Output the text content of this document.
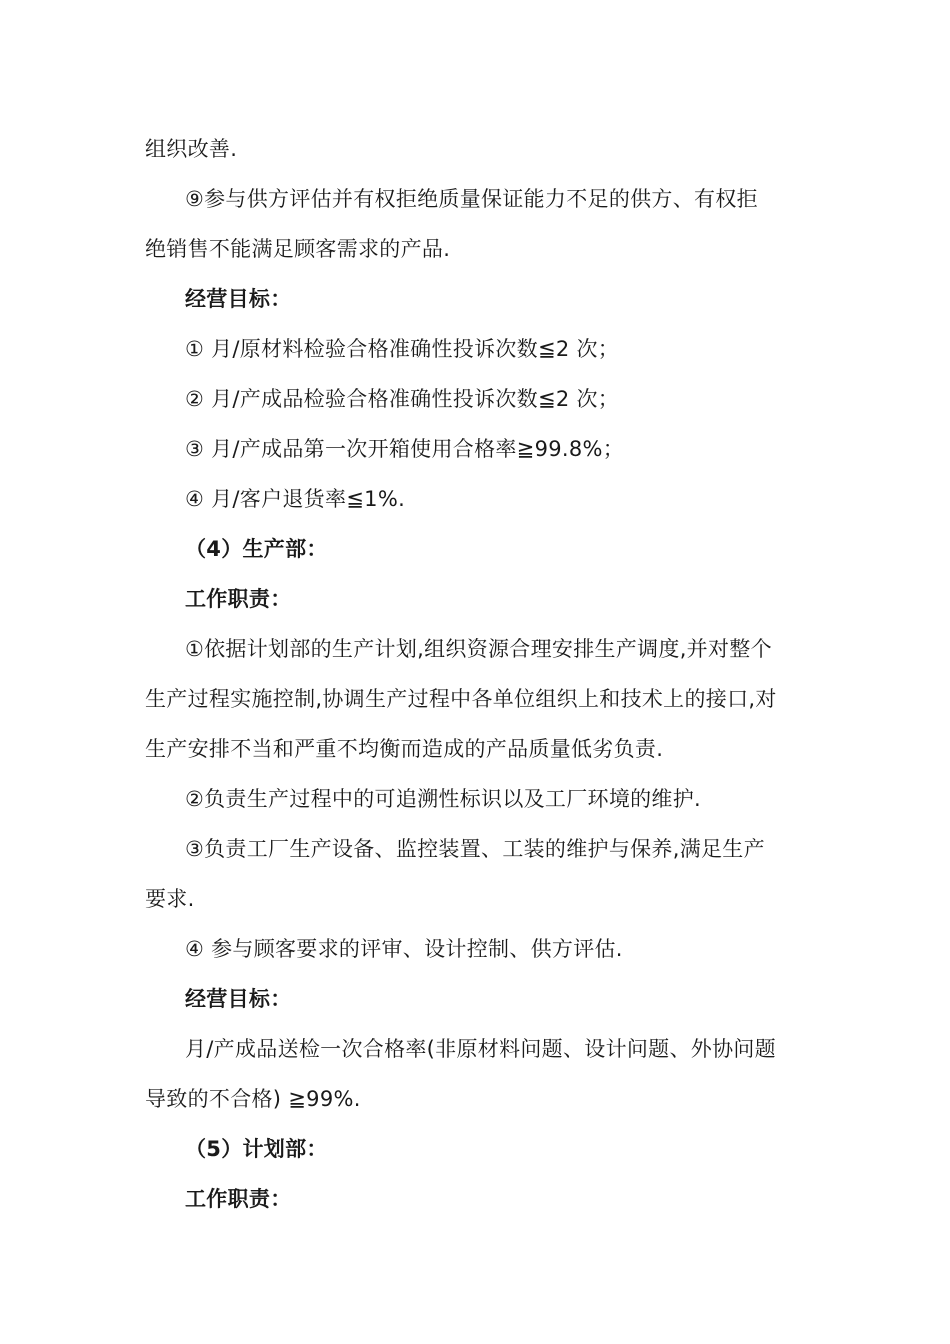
组织改善.
⑨参与供方评估并有权拒绝质量保证能力不足的供方、有权拒
绝销售不能满足顾客需求的产品.
经营目标：
① 月/原材料检验合格准确性投诉次数≦2 次；
② 月/产成品检验合格准确性投诉次数≦2 次；
③ 月/产成品第一次开箱使用合格率≧99.8%；
④ 月/客户退货率≦1%.
（4）生产部：
工作职责：
①依据计划部的生产计划,组织资源合理安排生产调度,并对整个
生产过程实施控制,协调生产过程中各单位组织上和技术上的接口,对
生产安排不当和严重不均衡而造成的产品质量低劣负责.
②负责生产过程中的可追溯性标识以及工厂环境的维护.
③负责工厂生产设备、监控装置、工装的维护与保养,满足生产
要求.
④ 参与顾客要求的评审、设计控制、供方评估.
经营目标：
月/产成品送检一次合格率(非原材料问题、设计问题、外协问题
导致的不合格) ≧99%.
（5）计划部：
工作职责：
